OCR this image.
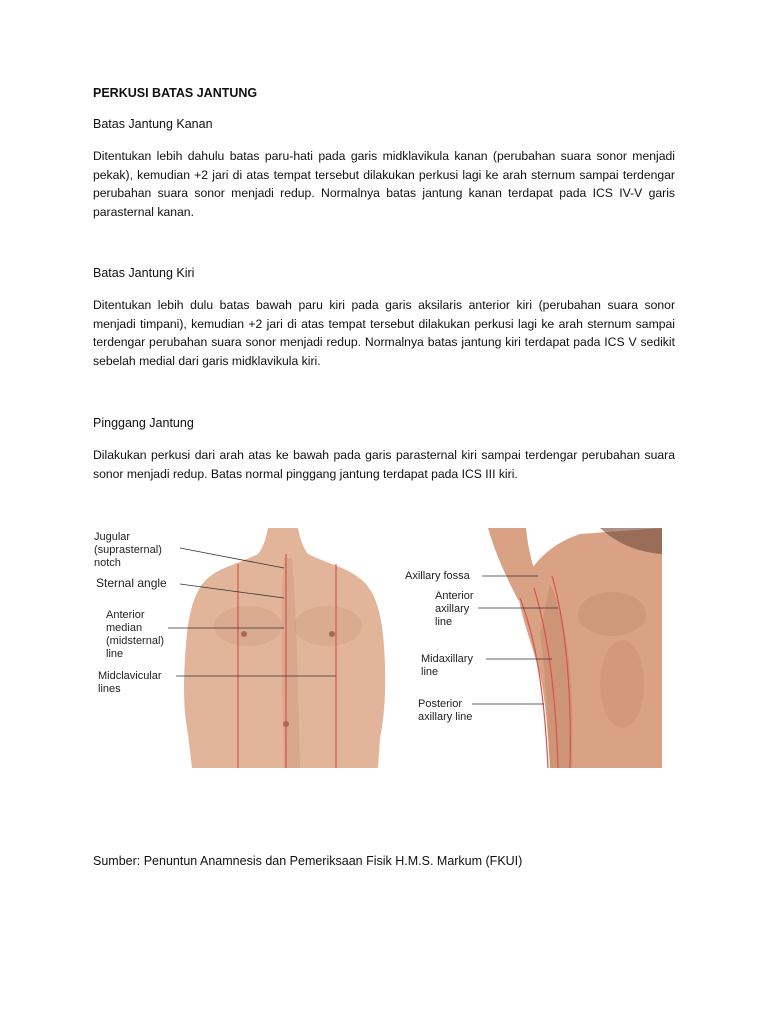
PERKUSI BATAS JANTUNG

Batas Jantung Kanan

Ditentukan lebih dahulu batas paru-hati pada garis midklavikula kanan (perubahan suara sonor menjadi pekak), kemudian +2 jari di atas tempat tersebut dilakukan perkusi lagi ke arah sternum sampai terdengar perubahan suara sonor menjadi redup. Normalnya batas jantung kanan terdapat pada ICS IV-V garis parasternal kanan.

Batas Jantung Kiri

Ditentukan lebih dulu batas bawah paru kiri pada garis aksilaris anterior kiri (perubahan suara sonor menjadi timpani), kemudian +2 jari di atas tempat tersebut dilakukan perkusi lagi ke arah sternum sampai terdengar perubahan suara sonor menjadi redup. Normalnya batas jantung kiri terdapat pada ICS V sedikit sebelah medial dari garis midklavikula kiri.

Pinggang Jantung

Dilakukan perkusi dari arah atas ke bawah pada garis parasternal kiri sampai terdengar perubahan suara sonor menjadi redup. Batas normal pinggang jantung terdapat pada ICS III kiri.

Jugular
(suprasternal)
notch
Sternal angle
Anterior
median
(midsternal)
line
Midclavicular
lines
Axillary fossa
Anterior
axillary
line
Midaxillary
line
Posterior
axillary line

Sumber: Penuntun Anamnesis dan Pemeriksaan Fisik H.M.S. Markum (FKUI)
